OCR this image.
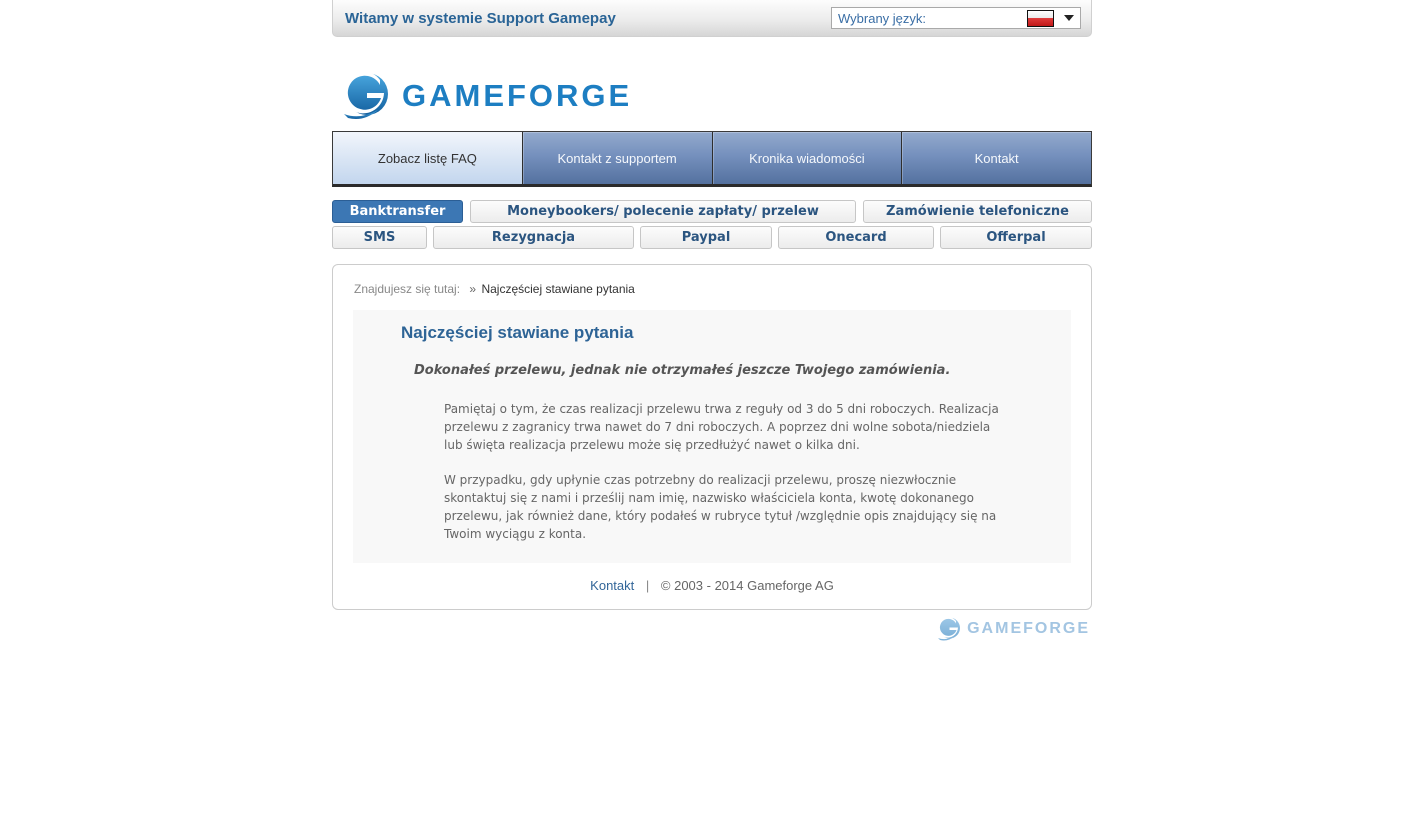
Witamy w systemie Support Gamepay	Wybrany język:
GAMEFORGE
Zobacz listę FAQ	Kontakt z supportem	Kronika wiadomości	Kontakt
Banktransfer	Moneybookers/ polecenie zapłaty/ przelew	Zamówienie telefoniczne
SMS	Rezygnacja	Paypal	Onecard	Offerpal
Znajdujesz się tutaj: » Najczęściej stawiane pytania
Najczęściej stawiane pytania
Dokonałeś przelewu, jednak nie otrzymałeś jeszcze Twojego zamówienia.
Pamiętaj o tym, że czas realizacji przelewu trwa z reguły od 3 do 5 dni roboczych. Realizacja przelewu z zagranicy trwa nawet do 7 dni roboczych. A poprzez dni wolne sobota/niedziela lub święta realizacja przelewu może się przedłużyć nawet o kilka dni.
W przypadku, gdy upłynie czas potrzebny do realizacji przelewu, proszę niezwłocznie skontaktuj się z nami i prześlij nam imię, nazwisko właściciela konta, kwotę dokonanego przelewu, jak również dane, który podałeś w rubryce tytuł /względnie opis znajdujący się na Twoim wyciągu z konta.
Kontakt | © 2003 - 2014 Gameforge AG
GAMEFORGE
